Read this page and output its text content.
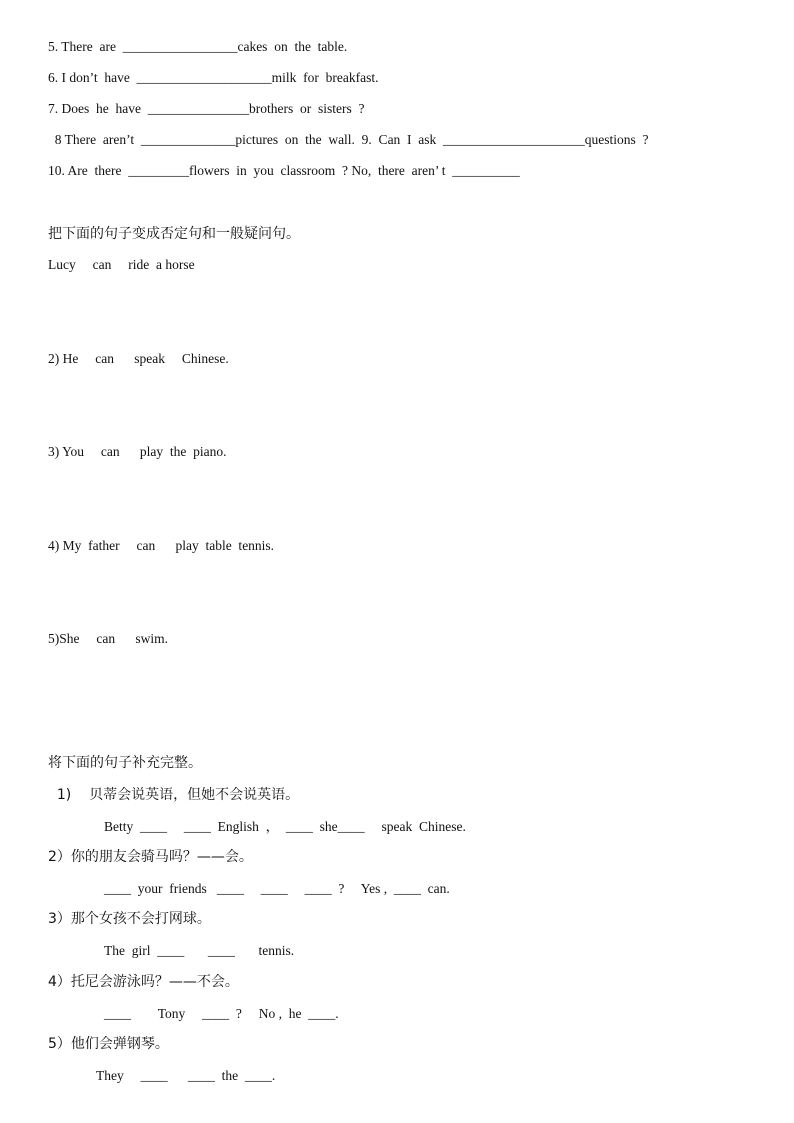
5. There  are  _________________cakes  on  the  table.
6. I don’t  have  ____________________milk  for  breakfast.
7. Does  he  have  _______________brothers  or  sisters  ?
8 There  aren’t  ______________pictures  on  the  wall.  9.  Can  I  ask  _____________________questions  ?
10. Are  there  _________flowers  in  you  classroom  ? No,  there  aren’ t  __________
把下面的句子变成否定句和一般疑问句。
Lucy     can     ride  a horse
2) He     can      speak     Chinese.
3) You     can      play  the  piano.
4) My  father     can      play  table  tennis.
5)She     can      swim.
将下面的句子补充完整。
1)    贝蒂会说英语，但她不会说英语。
Betty  ____     ____  English  ，  ____  she____     speak  Chinese.
2）你的朋友会骑马吗？——会。
____  your  friends   ____     ____     ____  ?     Yes ,  ____  can.
3）那个女孩不会打网球。
The  girl  ____       ____       tennis.
4）托尼会游泳吗？——不会。
____        Tony     ____  ?     No ,  he  ____.
5）他们会弹钢琴。
They     ____      ____  the  ____.
